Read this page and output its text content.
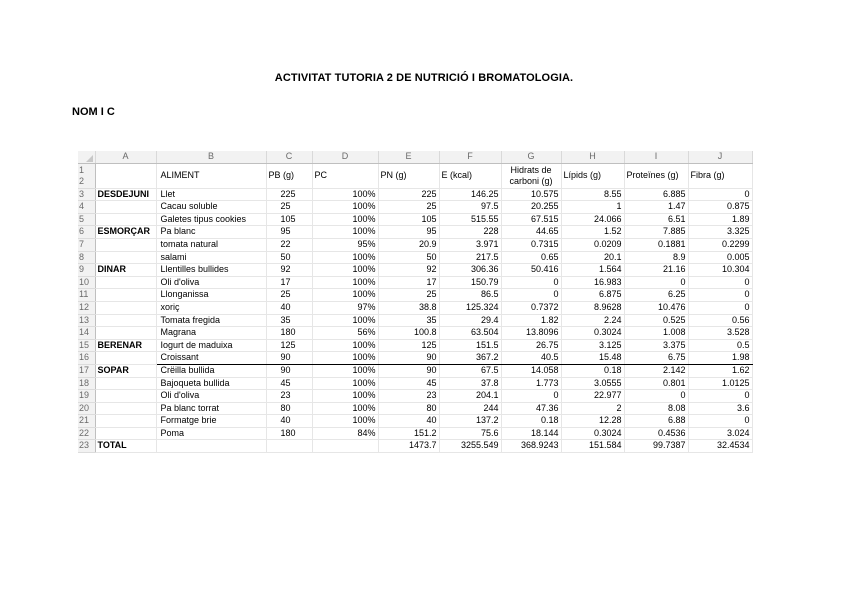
ACTIVITAT TUTORIA 2 DE NUTRICIÓ I BROMATOLOGIA.
NOM I C
	A	B	C	D	E	F	G	H	I	J
1
2		ALIMENT	PB (g)	PC	PN (g)	E (kcal)	Hidrats de carboni (g)	Lípids (g)	Proteïnes (g)	Fibra (g)
3	DESDEJUNI	Llet	225	100%	225	146.25	10.575	8.55	6.885	0
4		Cacau soluble	25	100%	25	97.5	20.255	1	1.47	0.875
5		Galetes tipus cookies	105	100%	105	515.55	67.515	24.066	6.51	1.89
6	ESMORÇAR	Pa blanc	95	100%	95	228	44.65	1.52	7.885	3.325
7		tomata natural	22	95%	20.9	3.971	0.7315	0.0209	0.1881	0.2299
8		salami	50	100%	50	217.5	0.65	20.1	8.9	0.005
9	DINAR	Llentilles bullides	92	100%	92	306.36	50.416	1.564	21.16	10.304
10		Oli d'oliva	17	100%	17	150.79	0	16.983	0	0
11		Llonganissa	25	100%	25	86.5	0	6.875	6.25	0
12		xoriç	40	97%	38.8	125.324	0.7372	8.9628	10.476	0
13		Tomata fregida	35	100%	35	29.4	1.82	2.24	0.525	0.56
14		Magrana	180	56%	100.8	63.504	13.8096	0.3024	1.008	3.528
15	BERENAR	Iogurt de maduixa	125	100%	125	151.5	26.75	3.125	3.375	0.5
16		Croissant	90	100%	90	367.2	40.5	15.48	6.75	1.98
17	SOPAR	Crëilla bullida	90	100%	90	67.5	14.058	0.18	2.142	1.62
18		Bajoqueta bullida	45	100%	45	37.8	1.773	3.0555	0.801	1.0125
19		Oli d'oliva	23	100%	23	204.1	0	22.977	0	0
20		Pa blanc torrat	80	100%	80	244	47.36	2	8.08	3.6
21		Formatge brie	40	100%	40	137.2	0.18	12.28	6.88	0
22		Poma	180	84%	151.2	75.6	18.144	0.3024	0.4536	3.024
23	TOTAL				1473.7	3255.549	368.9243	151.584	99.7387	32.4534
